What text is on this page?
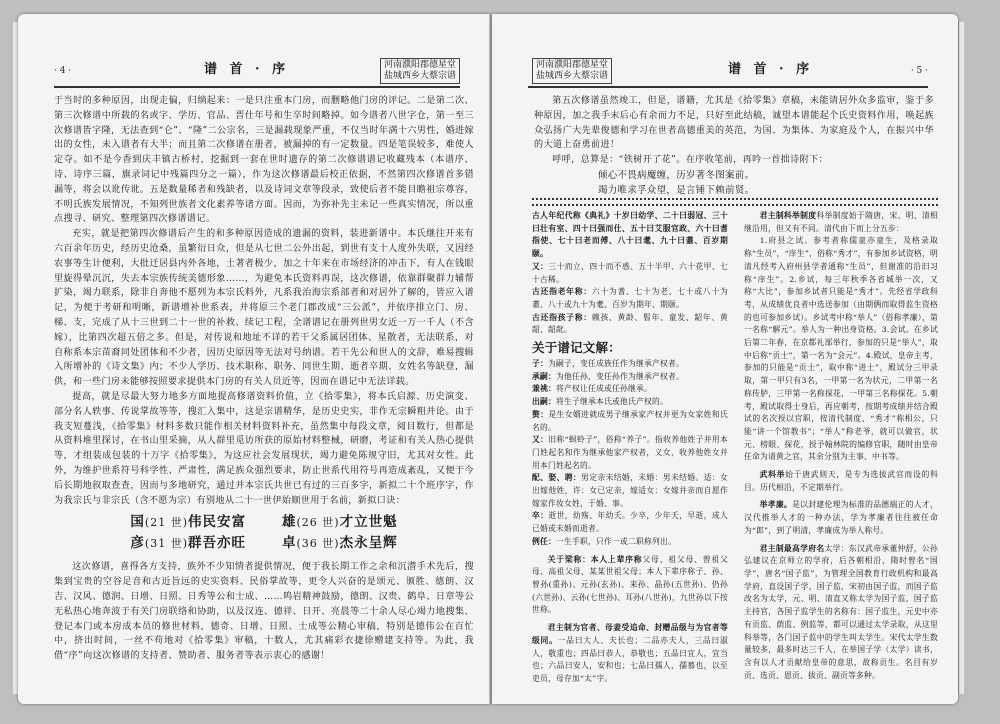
· 4 ·	谱 首 · 序	河南濮阳郡德星堂
盐城西乡大蔡宗谱

于当时的多种原因，出现走偏，归绱起来：一是只注重本门房，而删略他门房的评记。二是第二次、第三次修谱中所载的名或字、学历、官品、晋仕年号和生卒时间略掉。如今谱者八世字仓，第一至三次修谱皆字隆，无法查到“仑”、“隆”二公宗名，三是漏载现象严重，不仅当时年满十六男性，婚进嫁出的女性，未入谱者有大半；而且第二次修谱在册者，被漏掉的有一定数量。四是笔误较多，难使人定夺。如不是今香到庆丰镇古桥村，挖掘到一套在世时遗存的第二次修谱谱记收藏残本（本谱序、诗、诗序三篇，旗录词记中残篇四分之一篇），作为这次修谱最后校正依据，不然第四次修谱首多错漏等，将会以讹传讹。五是数量稀者和残缺者，以及诗词文章等段录，致使后者不能目瞻祖宗尊容，不明氏族发展情况，不知列世族者文化素养等诸方面。因而，为弥补先主未记一些真实情况，所以重点搜寻、研究、整理第四次修谱谱记。

充实，就是把第四次修谱后产生的和多种原因造成的遗漏的资料，装进新谱中。本氏继往开来有六百余年历史，经历史沧桑，虽繁衍日众，但是从七世二公外出起，到世有支十人度外失联，又因经农事等生计便利，大批迁居县内外各地，土著者极少，加之十年来在市场经济的冲击下，有人在钱眼里旋得晕沉沉，失去本宗族传统美德形象……，为避免本氏资料再误，这次修谱，依靠群聚群力辅帮扩染，竭力联系，除非自奔他不愿列为本宗氏料外，凡系我治海宗系部者和对居外了解的，皆应入谱记，为便于考研和明晰，新谱增补世系表，并将原三个老门郡改成“三公派”，并依序排立门、房、梯、支，完成了从十三世到二十一世的补救、续记工程，全谱谱记在册列世男女近一万一千人（不含嫁），比第四次超五倍之多。但是，对传说和地址不详的若干父系属居团体、星散者，无法联系，对自称系本宗苗裔同处团体和不少者，因历史原因等无法对号纳谱。若干先公和世人的文辞，难易搜辑入所增补的《诗文集》内；不少人学历、技术职称、职务、同世生期、逝者卒期、女姓名等缺登，漏供，和一些门房未能够按照要求提供本门房的有关人员近等，因而在谱记中无法详载。

提高，就是尽最大努力地多方面地提高修谱资料价值，立《拾零集》，将本氏启源、历史演变、部分名人轶事、传说掌故等等，搜汇入集中，这是宗谱精华，是历史史实，非作无宗瞬粗并论。由于我支短蔓浅，《拾零集》材料多数只能作相关材料资料补充，虽然集中每段文章，阅目数行，但都是从资料堆里探讨，在书山里采摘，从人群里觅访所获的原始材料整械，研磨，考证和有关人热心提供等，才组装成包装的十万字《拾零集》，为这应社会发展现状，竭力避免陈规守旧，尤其对女性。此外，为维护世系符号科学性、严肃性，满足族众强烈要求，防止世系代用符号再造成紊乱，又便于今后长期地叙取查查，因而与多地研究，通过并本宗氏共世已有过的三百多字，新拟二十个班序字，作为我宗氏与非宗氏（含不愿为宗）有别地从二十一世伊始顺世用于名前，新拟口诀：

国(21 世)伟民安富	雄(26 世)才立世魁
彦(31 世)群吾亦旺	卓(36 世)杰永呈辉

这次修谱，喜得各方支持，族外不少知情者提供情况，便于我长期工作之余和沉潜手术先后，搜集到宝贵的空谷足音和古近旨远的史实资料、民俗掌故等，更令人兴奋的是颂元、颁胜、德朗、汉吉、汉风、德润、日增、日照、日秀等公和士成、……鸣岩精神鼓励，德朗、汉贵、鹤阜、日章等公无私热心地奔波于有关门房联络和协助，以及汉连、德祥、日开、亮晨等二十余人尽心竭力地搜集、登记本门或本房成本员的修世材料，德奇、日增、日照、士成等公精心审稿，特别是德伟公在百忙中，挤出时间，一丝不苟地对《拾零集》审稿，十数人，尤其痛彩衣捷徐赠建支持等。为此，我借“序”向这次修谱的支持者、赞助者、服务者等表示衷心的感谢！

河南濮阳郡德星堂
盐城西乡大蔡宗谱	谱 首 · 序	· 5 ·

第五次修谱虽然竣工，但是，谱籍，尤其是《拾零集》章稿，未能请居外众多监审，鉴于多种原因，加之我手末后心有余而力不足，只好至此结稿，诚望本谱能起个氏史资料作用，唤起族众弘扬广大先辈俊德和学习在世者高德重美的英范，为国、为集体、为家庭及个人，在振兴中华的大道上奋勇前进！

呼呼，总算是：“铁树开了花”。在序收笔前，再吟一首拙诗附下：

倾心不畏病魔缠，历岁著冬图案前。
竭力唯求孚众望，是言锤下赖前贤。

古人年纪代称《典礼》十岁曰幼学、二十曰弱冠、三十曰壮有室、四十曰强而仕、五十曰艾服官政、六十曰耆指使、七十曰老而傅、八十曰耄、九十曰耋、百岁期颐。

又：三十而立、四十而不惑、五十半甲、六十花甲、七十古稀。

古还指老年称：六十为耆、七十为老、七十或八十为耋、八十或九十为耄、百岁为期年、期颐。

古还指孩子称：赖孩、黄龄、髫年、童发、龆年、黄龆、龆龀。

关于谱记文解：

子：为嗣子，变任成族任作为继承产权者。

承嗣：为他任孙，变任孙作为继承产权者。

兼祧：将产权让任成或任孙继承。

出嗣：将生子继承本氏或他氏产权的。

赘：是生女婿进就成男子继承家产权并更为女家姓和氏名的。

又：旧称“螟蛉子”，俗称“养子”。指收养他姓子并用本门姓起名和作为继承他家产权者，义女，收养他姓女并用本门姓起名的。

配、娶、聘：男定亲未结婚，未婚：男未结婚。适：女出嫁他姓，许：女已定亲，嫁适女：女嫁并亲而自愿作嫁家作妆女姓，于婚、事。

卒：逝世，幼殇、年幼夭。少卒，少年夭，早逝，成人已婚或未婚而逝者。

例任：一生手职，只作一或二职称列出。

关于梁称：本人上辈序称父母、祖父母、曾祖父母、高祖父母、某某世祖父母；本人下辈序称子、孙、曾孙(重孙)、元孙(玄孙)、来孙、晶孙(五世孙)、仍孙(六世孙)、云孙(七世孙)、耳孙(八世孙)，九世孙以下按世称。

君主制为官者、母妻受追命、封赠品级与为官者等级同。一品曰大人、夫长也；二品亦夫人，三品曰淑人，敬重也；四品曰恭人，恭敬也；五品曰宜人，宜当也；六品曰安人，安和也；七品曰孺人，孺慕也，以至吏员，母存加“太”字。

君主制科举制度科举制度始于隋唐，宋、明、清相继沿用，但又有不同。清代由下而上分五步：

1.府县之试。参考者称儒童亦童生，及格录取称“生员”，“庠生”，俗称“秀才”，有参加乡试资格，明清凡经考入府州县学者通称“生员”，但谢准的沿旧习称“庠生”。2.乡试，每三年秋季各省城举一次，又称“大比”，参加乡试者只能是“秀才”。先经省学政科考，从成绩优良者中选送参加（由期俩而取得监生资格的也可参加乡试）。乡试考中称“举人”（俗称孝廉），第一名称“解元”。举人为一种出身资格。3.会试。在乡试后第二年春，在京都礼部举行，参加的只是“举人”，取中后称“贡士”，第一名为“会元”。4.殿试，皇帝主考，参加的只能是“贡士”，取中称“进士”，殿试分三甲录取，第一甲只有3名，一甲第一名为状元，二甲第一名称传胪，三甲第一名称探花，一甲第三名称探花。5.朝考，殿试取得士身后，再应朝考，按期考成绩并结合殿试的名次授以官职，按清代制度，“秀才”称相公，只能“讲一个馆教书”；“举人”称老爷，就可以做官，状元、榜眼、探花，授予翰林院的编修官职，随时由皇帝任命为请黄之官，其余分别为主事、中书等。

武科举始于唐武则天，是专为选拔武官而设的科目。历代相沿，不定期举行。

举孝廉。是以封建伦理为标准的品德端正的人才，汉代推举人才的一种办法，学为孝廉者往往被任命为“郎”，到了明清，孝廉成为举人称号。

君主制最高学府名太学：东汉武帝承董仲舒，公孙弘建议在京师立的学府，后各朝相沿，隋时曾名“国学”，唐名“国子监”，为管理全国教育行政机构和最高学府，直设国子学，国子监，宋初由国子监，而国子监改名为太学，元、明、清直又称太学为国子监，国子监主持官，各国子监学生的名称有：国子监生，元史中亦有贡监、荫监、例监等，都可以通过太学录取，从这里科举等，各门国子监中的学生叫太学生。宋代太学生数量较多，最多时达三千人，在举国子学（太学）读书，含有以人才贡献给皇帝的意思，故称贡生。名目有岁贡、选贡、恩贡、拔贡、副贡等多种。
